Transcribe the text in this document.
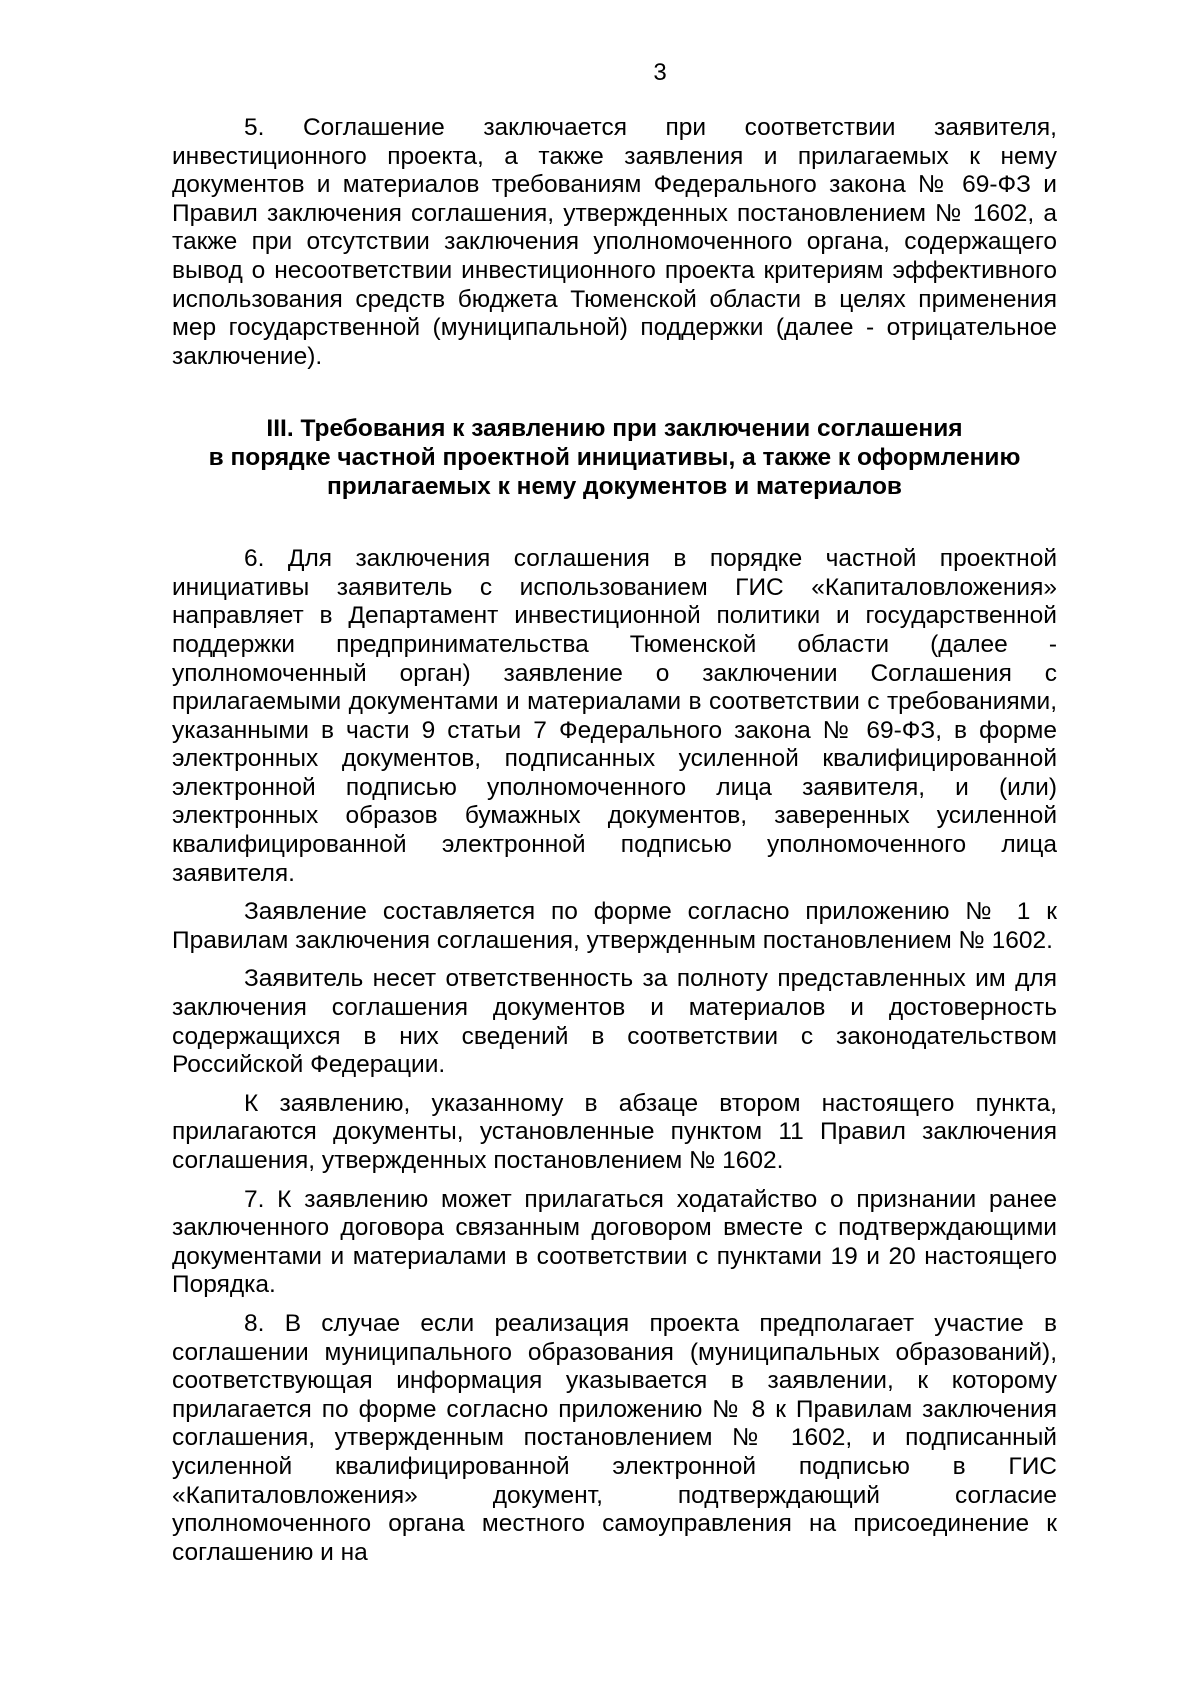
3

5. Соглашение заключается при соответствии заявителя, инвестиционного проекта, а также заявления и прилагаемых к нему документов и материалов требованиям Федерального закона № 69-ФЗ и Правил заключения соглашения, утвержденных постановлением № 1602, а также при отсутствии заключения уполномоченного органа, содержащего вывод о несоответствии инвестиционного проекта критериям эффективного использования средств бюджета Тюменской области в целях применения мер государственной (муниципальной) поддержки (далее - отрицательное заключение).

III. Требования к заявлению при заключении соглашения
в порядке частной проектной инициативы, а также к оформлению
прилагаемых к нему документов и материалов

6. Для заключения соглашения в порядке частной проектной инициативы заявитель с использованием ГИС «Капиталовложения» направляет в Департамент инвестиционной политики и государственной поддержки предпринимательства Тюменской области (далее - уполномоченный орган) заявление о заключении Соглашения с прилагаемыми документами и материалами в соответствии с требованиями, указанными в части 9 статьи 7 Федерального закона № 69-ФЗ, в форме электронных документов, подписанных усиленной квалифицированной электронной подписью уполномоченного лица заявителя, и (или) электронных образов бумажных документов, заверенных усиленной квалифицированной электронной подписью уполномоченного лица заявителя.

Заявление составляется по форме согласно приложению № 1 к Правилам заключения соглашения, утвержденным постановлением № 1602.

Заявитель несет ответственность за полноту представленных им для заключения соглашения документов и материалов и достоверность содержащихся в них сведений в соответствии с законодательством Российской Федерации.

К заявлению, указанному в абзаце втором настоящего пункта, прилагаются документы, установленные пунктом 11 Правил заключения соглашения, утвержденных постановлением № 1602.

7. К заявлению может прилагаться ходатайство о признании ранее заключенного договора связанным договором вместе с подтверждающими документами и материалами в соответствии с пунктами 19 и 20 настоящего Порядка.

8. В случае если реализация проекта предполагает участие в соглашении муниципального образования (муниципальных образований), соответствующая информация указывается в заявлении, к которому прилагается по форме согласно приложению № 8 к Правилам заключения соглашения, утвержденным постановлением № 1602, и подписанный усиленной квалифицированной электронной подписью в ГИС «Капиталовложения» документ, подтверждающий согласие уполномоченного органа местного самоуправления на присоединение к соглашению и на
